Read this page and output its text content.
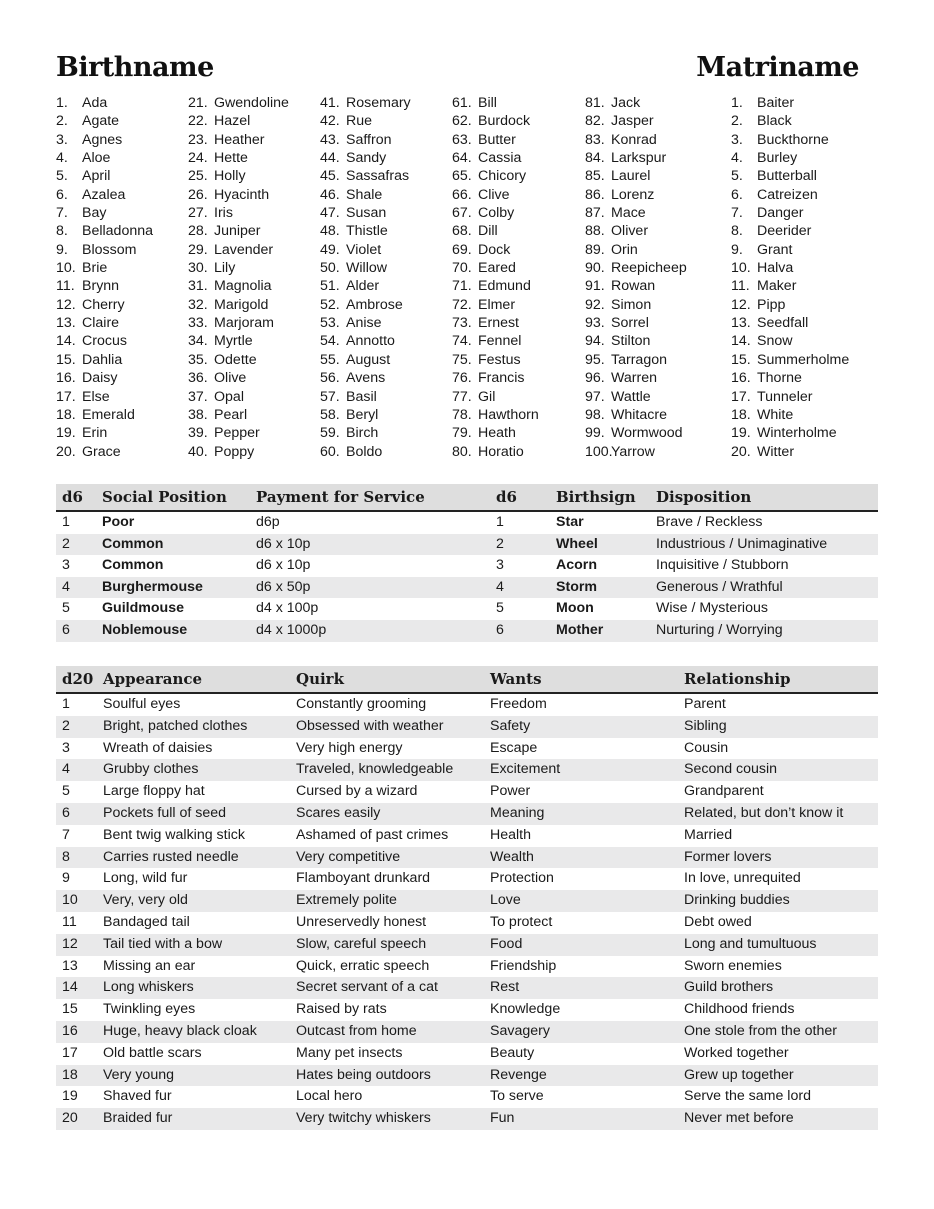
Birthname	Matriname
1. Ada
2. Agate
3. Agnes
4. Aloe
5. April
6. Azalea
7. Bay
8. Belladonna
9. Blossom
10. Brie
11. Brynn
12. Cherry
13. Claire
14. Crocus
15. Dahlia
16. Daisy
17. Else
18. Emerald
19. Erin
20. Grace
21. Gwendoline
22. Hazel
23. Heather
24. Hette
25. Holly
26. Hyacinth
27. Iris
28. Juniper
29. Lavender
30. Lily
31. Magnolia
32. Marigold
33. Marjoram
34. Myrtle
35. Odette
36. Olive
37. Opal
38. Pearl
39. Pepper
40. Poppy
41. Rosemary
42. Rue
43. Saffron
44. Sandy
45. Sassafras
46. Shale
47. Susan
48. Thistle
49. Violet
50. Willow
51. Alder
52. Ambrose
53. Anise
54. Annotto
55. August
56. Avens
57. Basil
58. Beryl
59. Birch
60. Boldo
61. Bill
62. Burdock
63. Butter
64. Cassia
65. Chicory
66. Clive
67. Colby
68. Dill
69. Dock
70. Eared
71. Edmund
72. Elmer
73. Ernest
74. Fennel
75. Festus
76. Francis
77. Gil
78. Hawthorn
79. Heath
80. Horatio
81. Jack
82. Jasper
83. Konrad
84. Larkspur
85. Laurel
86. Lorenz
87. Mace
88. Oliver
89. Orin
90. Reepicheep
91. Rowan
92. Simon
93. Sorrel
94. Stilton
95. Tarragon
96. Warren
97. Wattle
98. Whitacre
99. Wormwood
100.
Yarrow
1. Baiter
2. Black
3. Buckthorne
4. Burley
5. Butterball
6. Catreizen
7. Danger
8. Deerider
9. Grant
10. Halva
11. Maker
12. Pipp
13. Seedfall
14. Snow
15. Summerholme
16. Thorne
17. Tunneler
18. White
19. Winterholme
20. Witter
d6 Social Position Payment for Service	d6	Birthsign Disposition
1 Poor	d6p	1	Star	Brave / Reckless
2 Common	d6 x 10p	2	Wheel	Industrious / Unimaginative
3 Common	d6 x 10p	3	Acorn	Inquisitive / Stubborn
4 Burghermouse	d6 x 50p	4	Storm	Generous / Wrathful
5 Guildmouse	d4 x 100p	5	Moon	Wise / Mysterious
6 Noblemouse	d4 x 1000p	6	Mother	Nurturing / Worrying
d20 Appearance	Quirk	Wants	Relationship
1 Soulful eyes	Constantly grooming	Freedom	Parent
2 Bright, patched clothes	Obsessed with weather	Safety	Sibling
3 Wreath of daisies	Very high energy	Escape	Cousin
4 Grubby clothes	Traveled, knowledgeable	Excitement	Second cousin
5 Large floppy hat	Cursed by a wizard	Power	Grandparent
6 Pockets full of seed	Scares easily	Meaning	Related, but don’t know it
7 Bent twig walking stick	Ashamed of past crimes	Health	Married
8 Carries rusted needle	Very competitive	Wealth	Former lovers
9 Long, wild fur	Flamboyant drunkard	Protection	In love, unrequited
10 Very, very old	Extremely polite	Love	Drinking buddies
11 Bandaged tail	Unreservedly honest	To protect	Debt owed
12 Tail tied with a bow	Slow, careful speech	Food	Long and tumultuous
13 Missing an ear	Quick, erratic speech	Friendship	Sworn enemies
14 Long whiskers	Secret servant of a cat	Rest	Guild brothers
15 Twinkling eyes	Raised by rats	Knowledge	Childhood friends
16 Huge, heavy black cloak	Outcast from home	Savagery	One stole from the other
17 Old battle scars	Many pet insects	Beauty	Worked together
18 Very young	Hates being outdoors	Revenge	Grew up together
19 Shaved fur	Local hero	To serve	Serve the same lord
20 Braided fur	Very twitchy whiskers	Fun	Never met before
